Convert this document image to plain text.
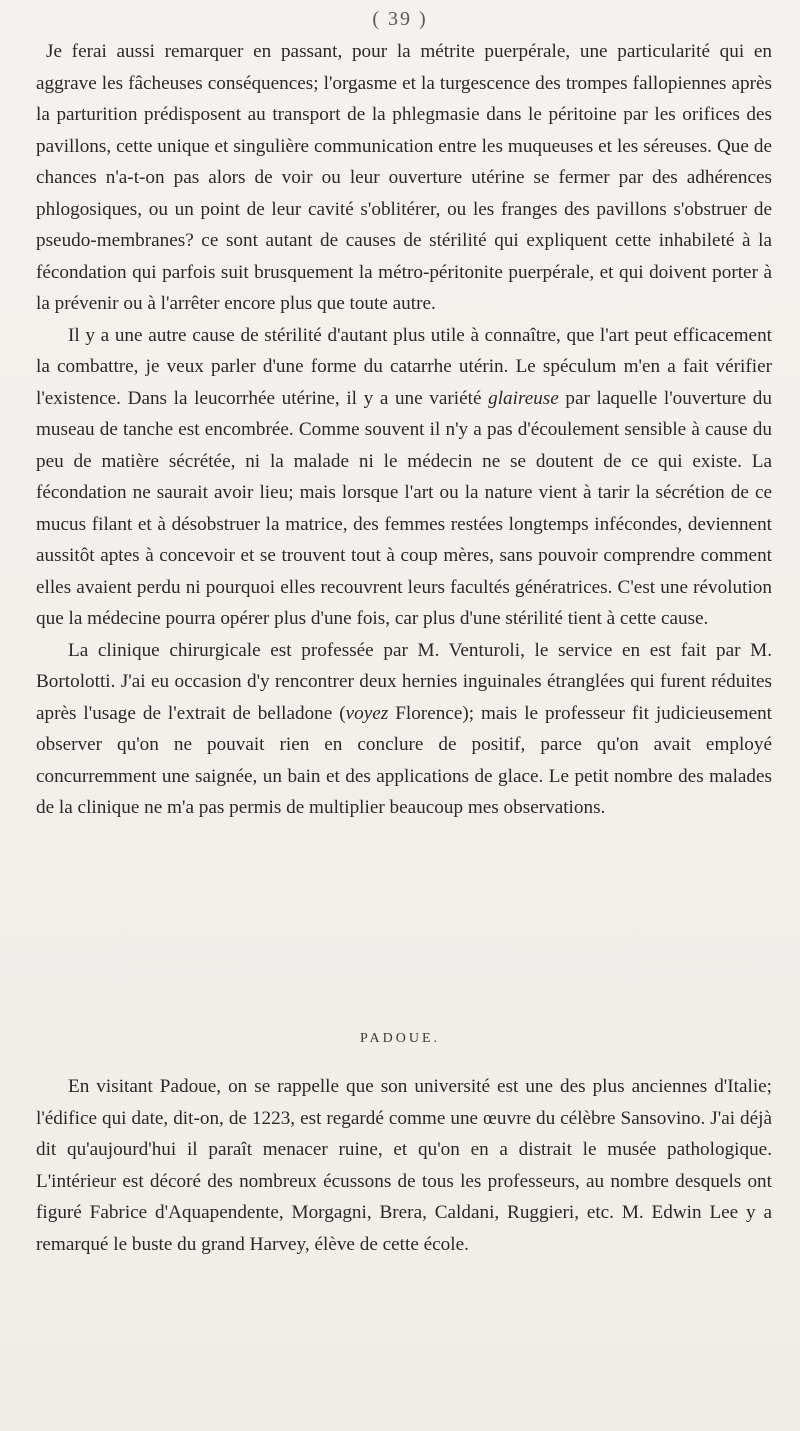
( 39 )

Je ferai aussi remarquer en passant, pour la métrite puerpérale, une particularité qui en aggrave les fâcheuses conséquences; l'orgasme et la turgescence des trompes fallopiennes après la parturition prédisposent au transport de la phlegmasie dans le péritoine par les orifices des pavillons, cette unique et singulière communication entre les muqueuses et les séreuses. Que de chances n'a-t-on pas alors de voir ou leur ouverture utérine se fermer par des adhérences phlogosiques, ou un point de leur cavité s'oblitérer, ou les franges des pavillons s'obstruer de pseudo-membranes? ce sont autant de causes de stérilité qui expliquent cette inhabileté à la fécondation qui parfois suit brusquement la métro-péritonite puerpérale, et qui doivent porter à la prévenir ou à l'arrêter encore plus que toute autre.

Il y a une autre cause de stérilité d'autant plus utile à connaître, que l'art peut efficacement la combattre, je veux parler d'une forme du catarrhe utérin. Le spéculum m'en a fait vérifier l'existence. Dans la leucorrhée utérine, il y a une variété glaireuse par laquelle l'ouverture du museau de tanche est encombrée. Comme souvent il n'y a pas d'écoulement sensible à cause du peu de matière sécrétée, ni la malade ni le médecin ne se doutent de ce qui existe. La fécondation ne saurait avoir lieu; mais lorsque l'art ou la nature vient à tarir la sécrétion de ce mucus filant et à désobstruer la matrice, des femmes restées longtemps infécondes, deviennent aussitôt aptes à concevoir et se trouvent tout à coup mères, sans pouvoir comprendre comment elles avaient perdu ni pourquoi elles recouvrent leurs facultés génératrices. C'est une révolution que la médecine pourra opérer plus d'une fois, car plus d'une stérilité tient à cette cause.

La clinique chirurgicale est professée par M. Venturoli, le service en est fait par M. Bortolotti. J'ai eu occasion d'y rencontrer deux hernies inguinales étranglées qui furent réduites après l'usage de l'extrait de belladone (voyez Florence); mais le professeur fit judicieusement observer qu'on ne pouvait rien en conclure de positif, parce qu'on avait employé concurremment une saignée, un bain et des applications de glace. Le petit nombre des malades de la clinique ne m'a pas permis de multiplier beaucoup mes observations.

PADOUE.

En visitant Padoue, on se rappelle que son université est une des plus anciennes d'Italie; l'édifice qui date, dit-on, de 1223, est regardé comme une œuvre du célèbre Sansovino. J'ai déjà dit qu'aujourd'hui il paraît menacer ruine, et qu'on en a distrait le musée pathologique. L'intérieur est décoré des nombreux écussons de tous les professeurs, au nombre desquels ont figuré Fabrice d'Aquapendente, Morgagni, Brera, Caldani, Ruggieri, etc. M. Edwin Lee y a remarqué le buste du grand Harvey, élève de cette école.
